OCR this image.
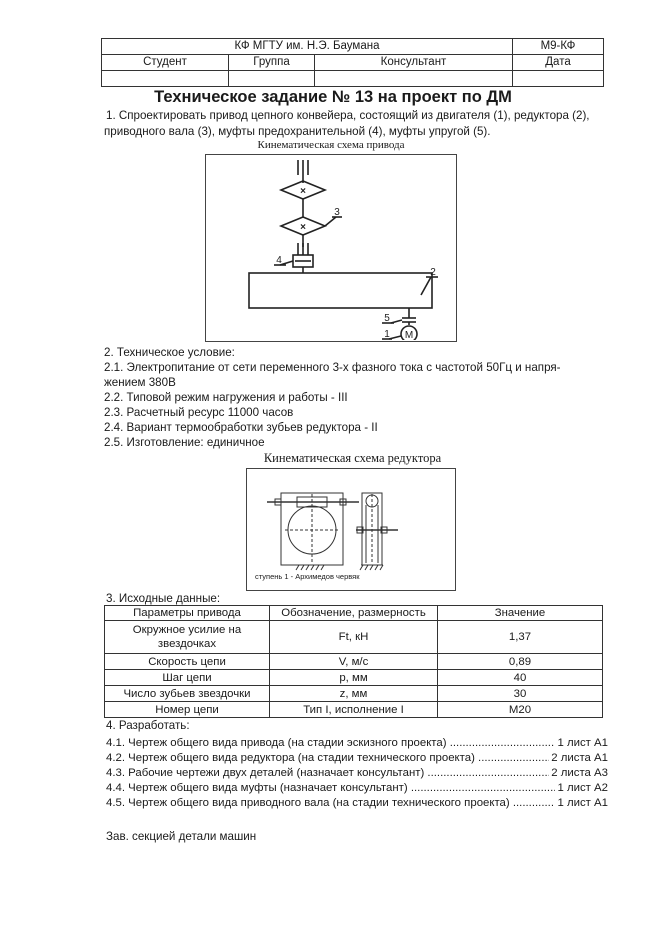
КФ МГТУ им. Н.Э. Баумана			М9-КФ
Студент	Группа	Консультант	Дата

Техническое задание № 13 на проект по ДМ
1. Спроектировать привод цепного конвейера, состоящий из двигателя (1), редуктора (2),
приводного вала (3), муфты предохранительной (4), муфты упругой (5).
Кинематическая схема привода
×
×
3
4
2
5
1 M
2. Техническое условие:
2.1. Электропитание от сети переменного 3-х фазного тока с частотой 50Гц и напря-
жением 380В
2.2. Типовой режим нагружения и работы - III
2.3. Расчетный ресурс 11000 часов
2.4. Вариант термообработки зубьев редуктора - II
2.5. Изготовление: единичное
Кинематическая схема редуктора
ступень 1 - Архимедов червяк
3. Исходные данные:
Параметры привода	Обозначение, размерность	Значение
Окружное усилие на
звездочках	Ft, кН	1,37
Скорость цепи	V, м/с	0,89
Шаг цепи	p, мм	40
Число зубьев звездочки	z, мм	30
Номер цепи	Тип I, исполнение I	M20
4. Разработать:
4.1. Чертеж общего вида привода (на стадии эскизного проекта) .....	1 лист А1
4.2. Чертеж общего вида редуктора (на стадии технического проекта) .....	2 листа А1
4.3. Рабочие чертежи двух деталей (назначает консультант) .....	2 листа А3
4.4. Чертеж общего вида муфты (назначает консультант) .....	1 лист А2
4.5. Чертеж общего вида приводного вала (на стадии технического проекта) .....	1 лист А1
Зав. секцией детали машин
